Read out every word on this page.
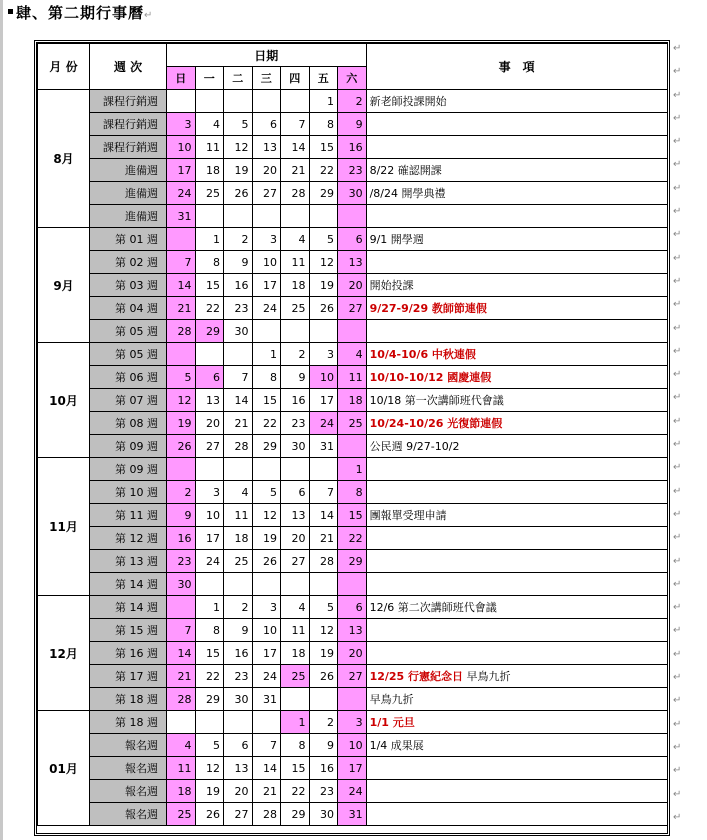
肆、第二期行事曆↵
月 份	週 次	日期							事　項
		日	一	二	三	四	五	六	
8月	課程行銷週						1	2	新老師投課開始
	課程行銷週	3	4	5	6	7	8	9	
	課程行銷週	10	11	12	13	14	15	16	
	進備週	17	18	19	20	21	22	23	8/22 確認開課
	進備週	24	25	26	27	28	29	30	/8/24 開學典禮
	進備週	31							
9月	第 01 週		1	2	3	4	5	6	9/1 開學週
	第 02 週	7	8	9	10	11	12	13	
	第 03 週	14	15	16	17	18	19	20	開始投課
	第 04 週	21	22	23	24	25	26	27	9/27-9/29 教師節連假
	第 05 週	28	29	30					
10月	第 05 週				1	2	3	4	10/4-10/6 中秋連假
	第 06 週	5	6	7	8	9	10	11	10/10-10/12 國慶連假
	第 07 週	12	13	14	15	16	17	18	10/18 第一次講師班代會議
	第 08 週	19	20	21	22	23	24	25	10/24-10/26 光復節連假
	第 09 週	26	27	28	29	30	31		公民週 9/27-10/2
11月	第 09 週							1	
	第 10 週	2	3	4	5	6	7	8	
	第 11 週	9	10	11	12	13	14	15	團報單受理申請
	第 12 週	16	17	18	19	20	21	22	
	第 13 週	23	24	25	26	27	28	29	
	第 14 週	30							
12月	第 14 週		1	2	3	4	5	6	12/6 第二次講師班代會議
	第 15 週	7	8	9	10	11	12	13	
	第 16 週	14	15	16	17	18	19	20	
	第 17 週	21	22	23	24	25	26	27	12/25 行憲紀念日 早鳥九折
	第 18 週	28	29	30	31				早鳥九折
01月	第 18 週					1	2	3	1/1 元旦
	報名週	4	5	6	7	8	9	10	1/4 成果展
	報名週	11	12	13	14	15	16	17	
	報名週	18	19	20	21	22	23	24	
	報名週	25	26	27	28	29	30	31	
↵
↵
↵
↵
↵
↵
↵
↵
↵
↵
↵
↵
↵
↵
↵
↵
↵
↵
↵
↵
↵
↵
↵
↵
↵
↵
↵
↵
↵
↵
↵
↵
↵
↵
